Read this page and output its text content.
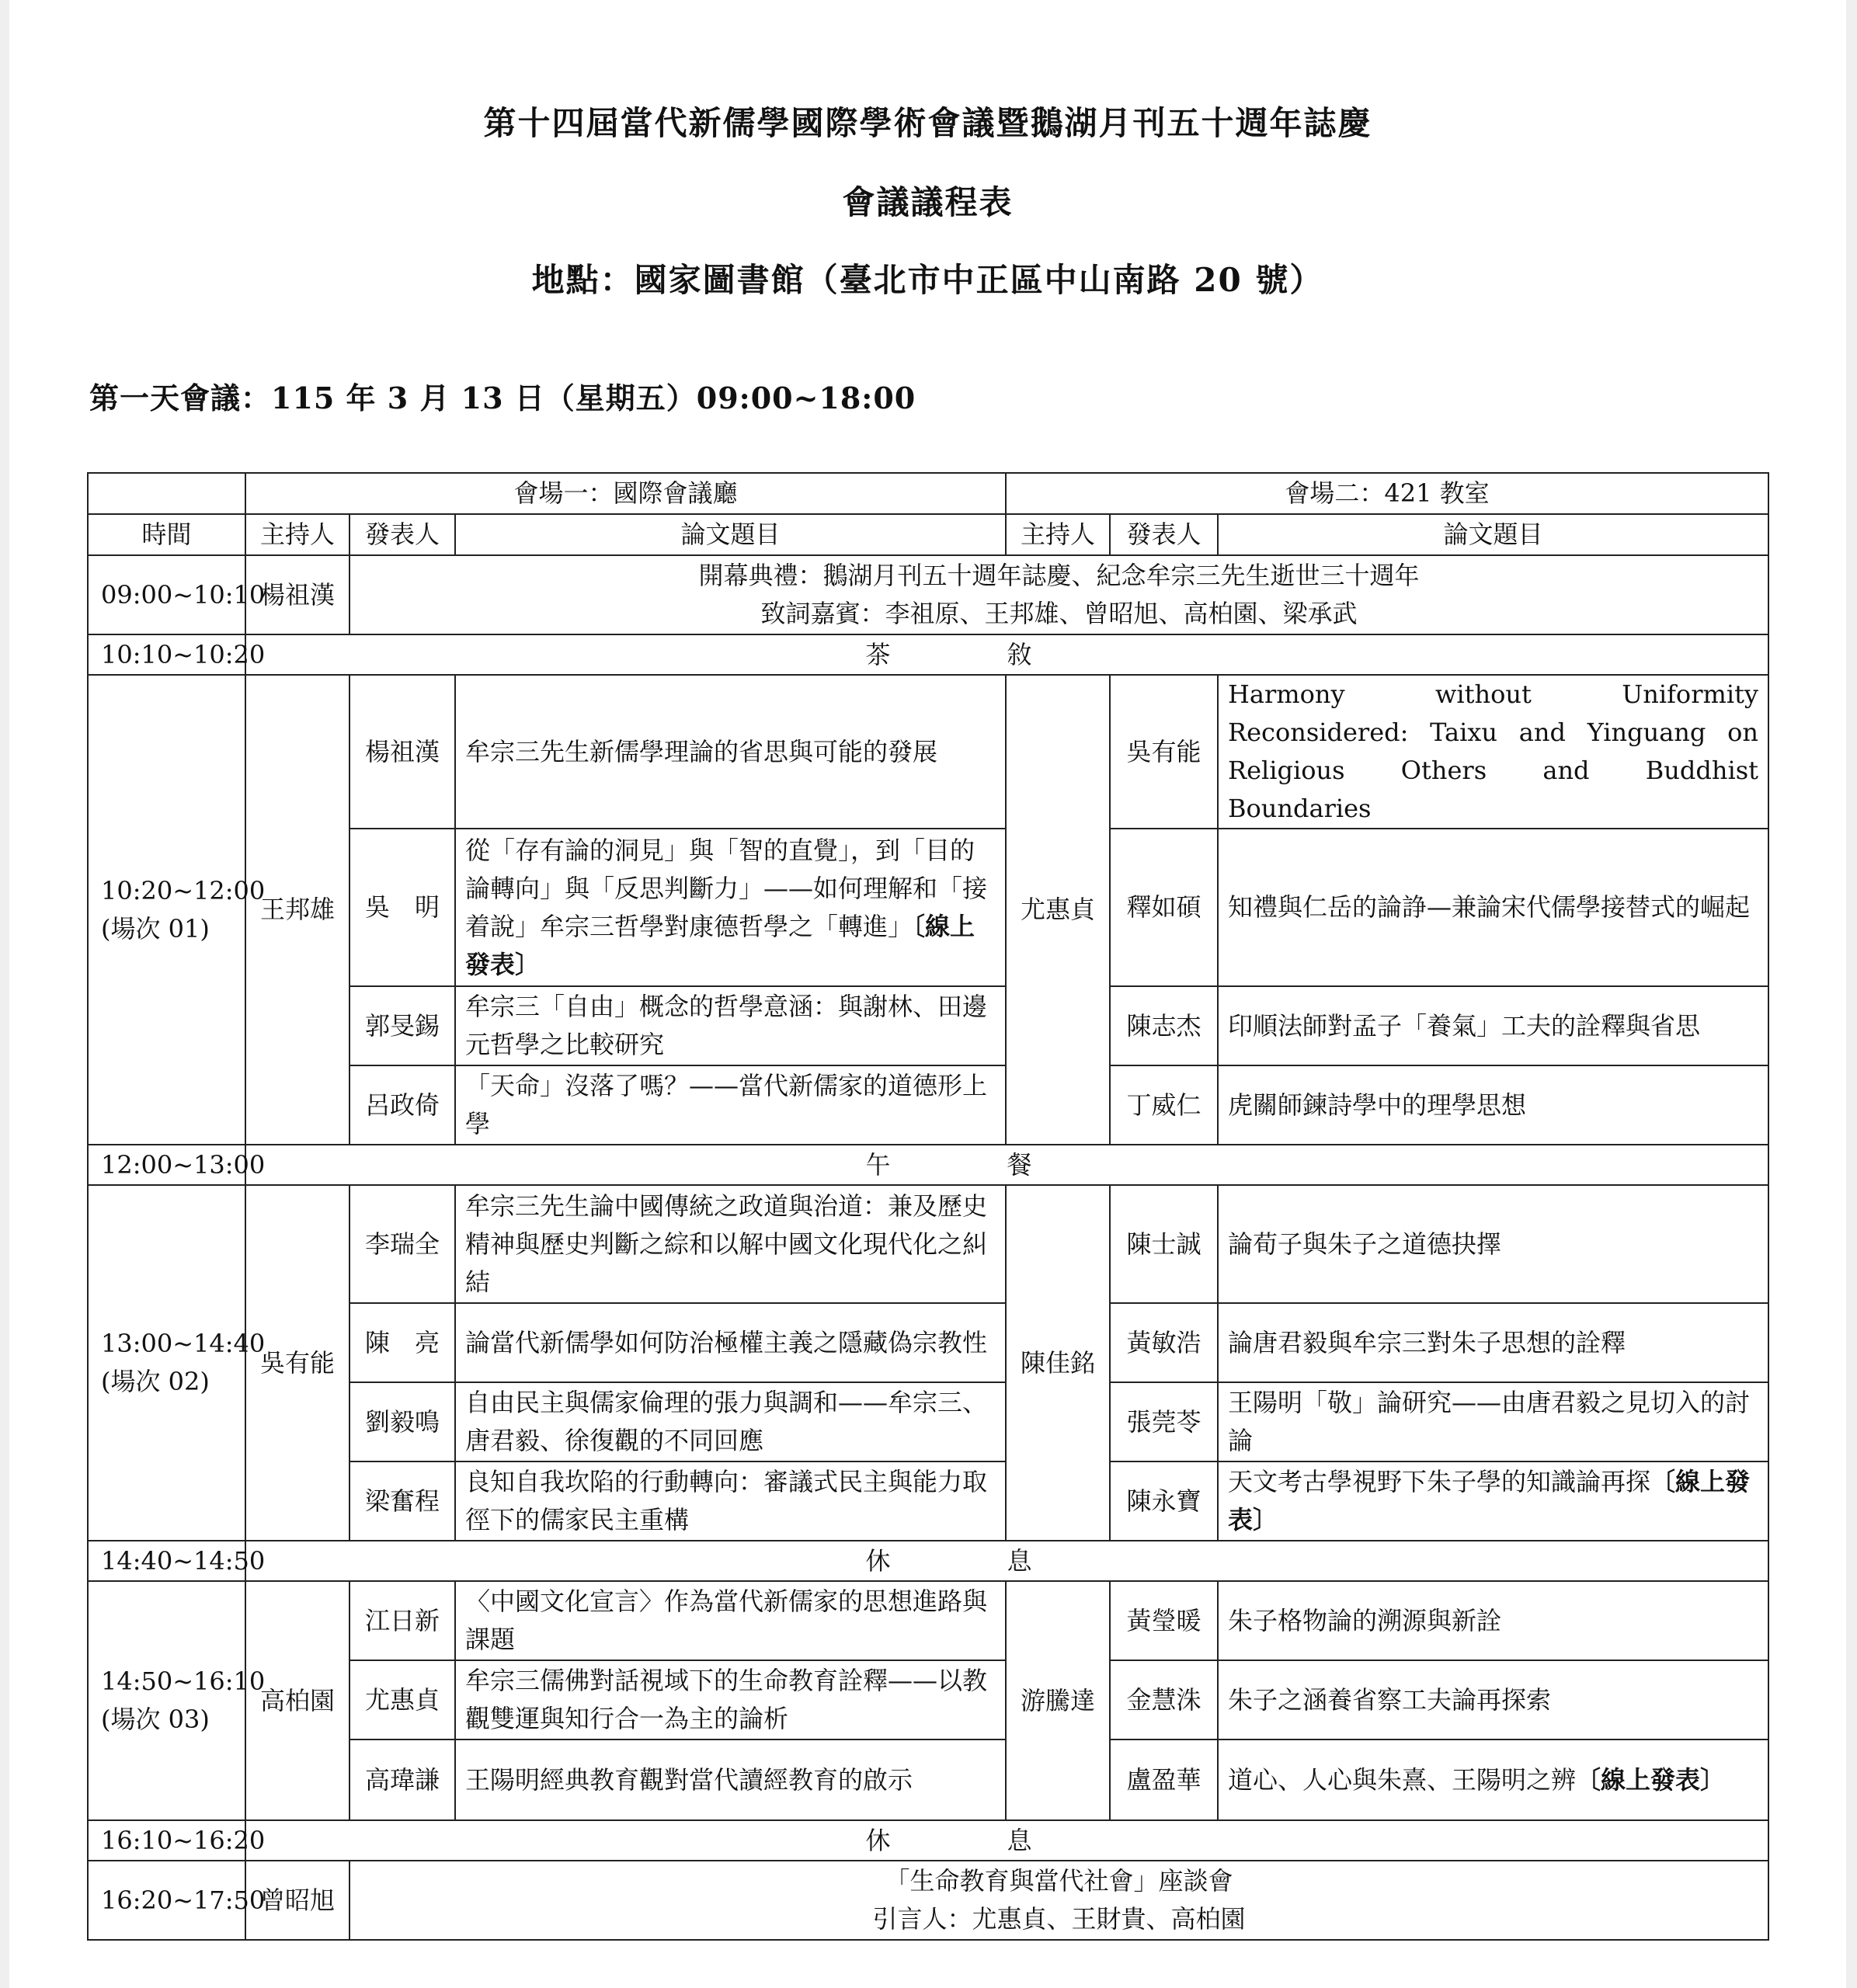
第十四屆當代新儒學國際學術會議暨鵝湖月刊五十週年誌慶
會議議程表
地點：國家圖書館（臺北市中正區中山南路 20 號）
第一天會議：115 年 3 月 13 日（星期五）09:00~18:00
	會場一：國際會議廳			會場二：421 教室		
時間	主持人	發表人	論文題目	主持人	發表人	論文題目
09:00~10:10	楊祖漢	開幕典禮：鵝湖月刊五十週年誌慶、紀念牟宗三先生逝世三十週年
致詞嘉賓：李祖原、王邦雄、曾昭旭、高柏園、梁承武				

10:10~10:20	茶敘					

10:20~12:00
(場次 01)	王邦雄	楊祖漢	牟宗三先生新儒學理論的省思與可能的發展	尤惠貞	吳有能	Harmony without Uniformity Reconsidered: Taixu and Yinguang on Religious Others and Buddhist Boundaries
		吳　明	從「存有論的洞見」與「智的直覺」，到「目的論轉向」與「反思判斷力」——如何理解和「接着說」牟宗三哲學對康德哲學之「轉進」〔線上發表〕		釋如碩	知禮與仁岳的論諍—兼論宋代儒學接替式的崛起
		郭旻錫	牟宗三「自由」概念的哲學意涵：與謝林、田邊元哲學之比較研究		陳志杰	印順法師對孟子「養氣」工夫的詮釋與省思
		呂政倚	「天命」沒落了嗎？——當代新儒家的道德形上學		丁威仁	虎關師鍊詩學中的理學思想
12:00~13:00	午餐					

13:00~14:40
(場次 02)	吳有能	李瑞全	牟宗三先生論中國傳統之政道與治道：兼及歷史精神與歷史判斷之綜和以解中國文化現代化之糾結	陳佳銘	陳士誠	論荀子與朱子之道德抉擇
		陳　亮	論當代新儒學如何防治極權主義之隱藏偽宗教性		黃敏浩	論唐君毅與牟宗三對朱子思想的詮釋
		劉毅鳴	自由民主與儒家倫理的張力與調和——牟宗三、唐君毅、徐復觀的不同回應		張莞苓	王陽明「敬」論研究——由唐君毅之見切入的討論
		梁奮程	良知自我坎陷的行動轉向：審議式民主與能力取徑下的儒家民主重構		陳永寶	天文考古學視野下朱子學的知識論再探〔線上發表〕
14:40~14:50	休息					

14:50~16:10
(場次 03)	高柏園	江日新	〈中國文化宣言〉作為當代新儒家的思想進路與課題	游騰達	黃瑩暖	朱子格物論的溯源與新詮
		尤惠貞	牟宗三儒佛對話視域下的生命教育詮釋——以教觀雙運與知行合一為主的論析		金慧洙	朱子之涵養省察工夫論再探索
		高瑋謙	王陽明經典教育觀對當代讀經教育的啟示		盧盈華	道心、人心與朱熹、王陽明之辨〔線上發表〕
16:10~16:20	休息					
16:20~17:50	曾昭旭	「生命教育與當代社會」座談會
引言人：尤惠貞、王財貴、高柏園				
